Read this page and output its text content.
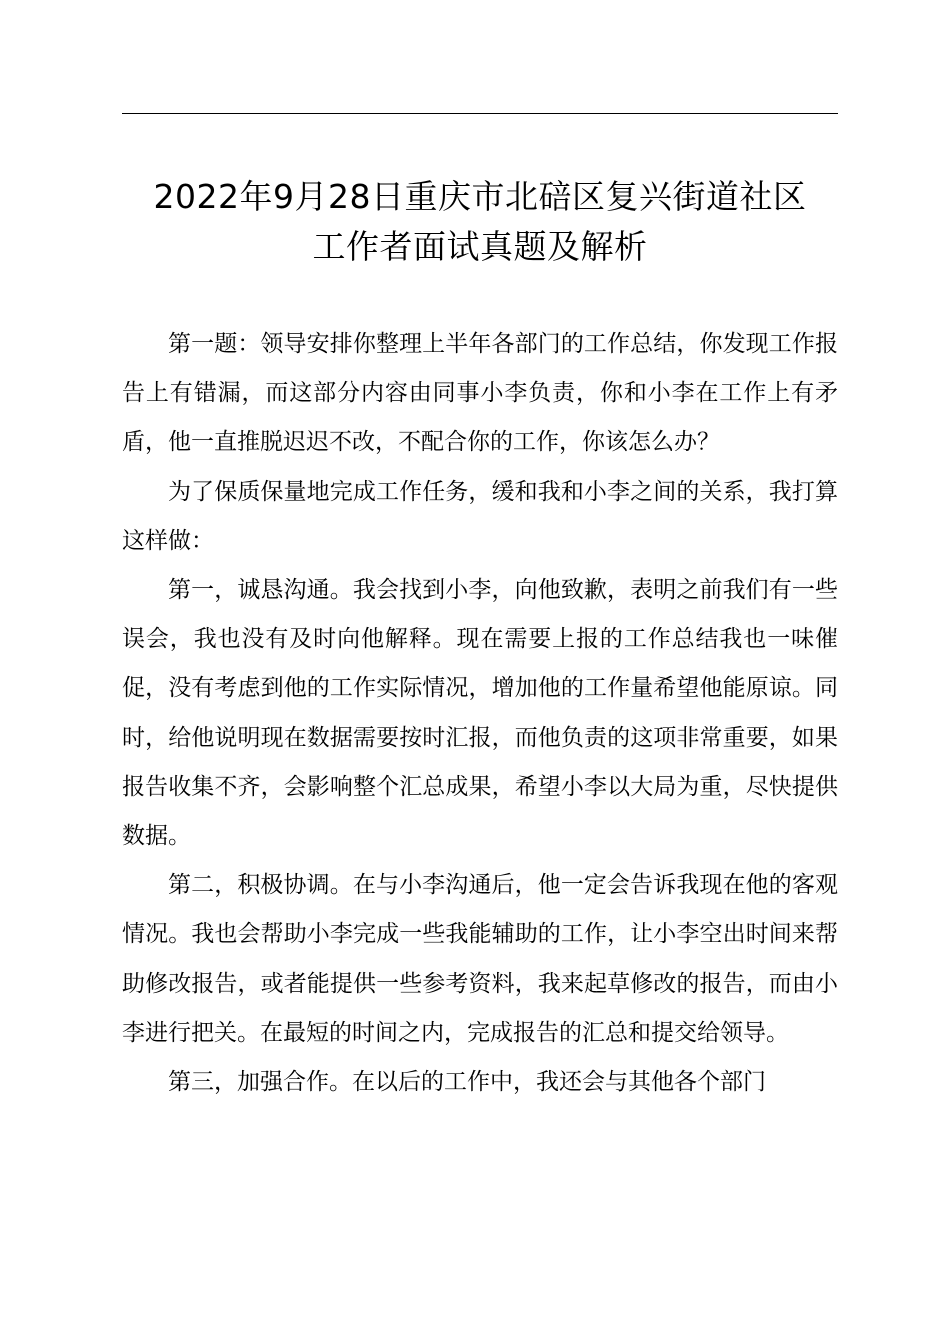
2022年9月28日重庆市北碚区复兴街道社区
工作者面试真题及解析

第一题：领导安排你整理上半年各部门的工作总结，你发现工作报告上有错漏，而这部分内容由同事小李负责，你和小李在工作上有矛盾，他一直推脱迟迟不改，不配合你的工作，你该怎么办？

为了保质保量地完成工作任务，缓和我和小李之间的关系，我打算这样做：

第一，诚恳沟通。我会找到小李，向他致歉，表明之前我们有一些误会，我也没有及时向他解释。现在需要上报的工作总结我也一味催促，没有考虑到他的工作实际情况，增加他的工作量希望他能原谅。同时，给他说明现在数据需要按时汇报，而他负责的这项非常重要，如果报告收集不齐，会影响整个汇总成果，希望小李以大局为重，尽快提供数据。

第二，积极协调。在与小李沟通后，他一定会告诉我现在他的客观情况。我也会帮助小李完成一些我能辅助的工作，让小李空出时间来帮助修改报告，或者能提供一些参考资料，我来起草修改的报告，而由小李进行把关。在最短的时间之内，完成报告的汇总和提交给领导。

第三，加强合作。在以后的工作中，我还会与其他各个部门
